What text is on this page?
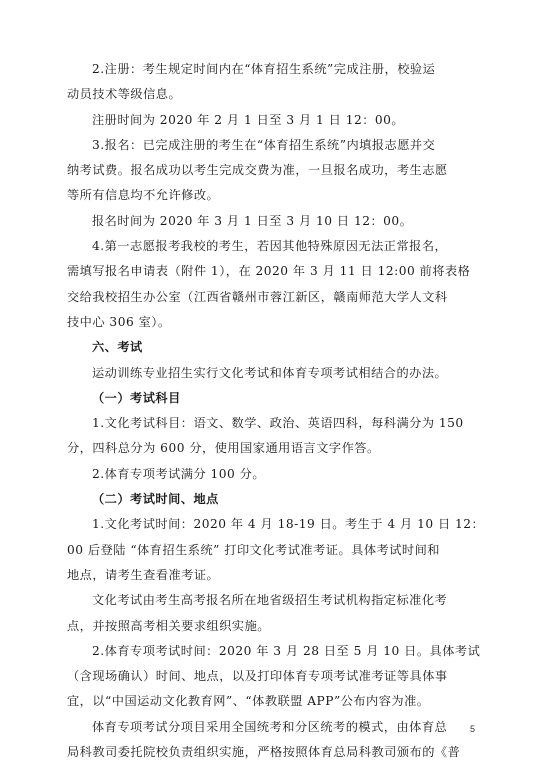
2.注册：考生规定时间内在“体育招生系统”完成注册，校验运
动员技术等级信息。
注册时间为 2020 年 2 月 1 日至 3 月 1 日 12：00。
3.报名：已完成注册的考生在“体育招生系统”内填报志愿并交
纳考试费。报名成功以考生完成交费为准，一旦报名成功，考生志愿
等所有信息均不允许修改。
报名时间为 2020 年 3 月 1 日至 3 月 10 日 12：00。
4.第一志愿报考我校的考生，若因其他特殊原因无法正常报名，
需填写报名申请表（附件 1），在 2020 年 3 月 11 日 12:00 前将表格
交给我校招生办公室（江西省赣州市蓉江新区，赣南师范大学人文科
技中心 306 室）。
六、考试
运动训练专业招生实行文化考试和体育专项考试相结合的办法。
（一）考试科目
1.文化考试科目：语文、数学、政治、英语四科，每科满分为 150
分，四科总分为 600 分，使用国家通用语言文字作答。
2.体育专项考试满分 100 分。
（二）考试时间、地点
1.文化考试时间：2020 年 4 月 18-19 日。考生于 4 月 10 日 12：
00 后登陆 “体育招生系统” 打印文化考试准考证。具体考试时间和
地点，请考生查看准考证。
文化考试由考生高考报名所在地省级招生考试机构指定标准化考
点，并按照高考相关要求组织实施。
2.体育专项考试时间：2020 年 3 月 28 日至 5 月 10 日。具体考试
（含现场确认）时间、地点，以及打印体育专项考试准考证等具体事
宜，以“中国运动文化教育网”、“体教联盟 APP”公布内容为准。
体育专项考试分项目采用全国统考和分区统考的模式，由体育总
局科教司委托院校负责组织实施，严格按照体育总局科教司颁布的《普
5
